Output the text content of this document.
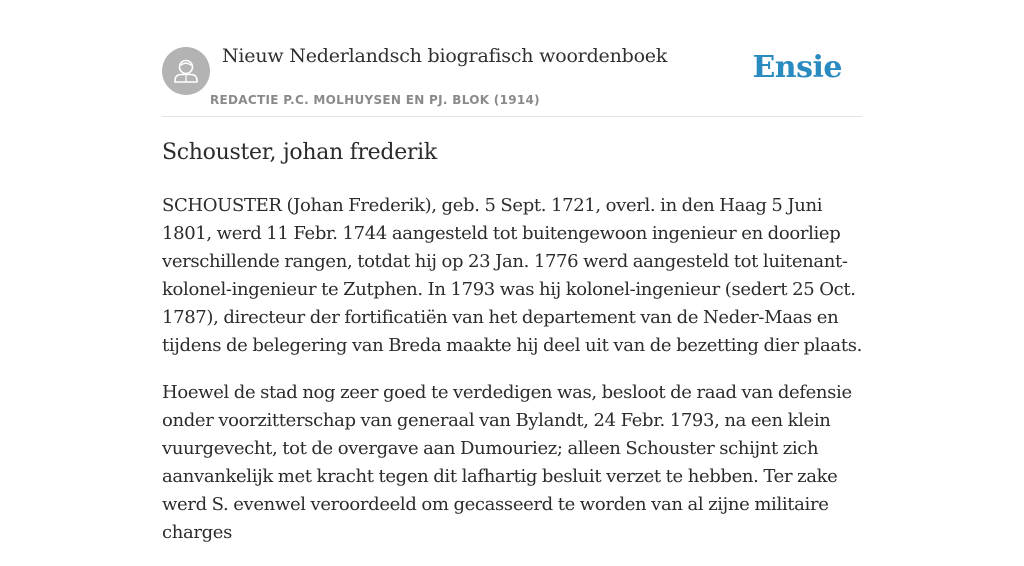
Nieuw Nederlandsch biografisch woordenboek
REDACTIE P.C. MOLHUYSEN EN PJ. BLOK (1914)
Ensie
Schouster, johan frederik

SCHOUSTER (Johan Frederik), geb. 5 Sept. 1721, overl. in den Haag 5 Juni 1801, werd 11 Febr. 1744 aangesteld tot buitengewoon ingenieur en doorliep verschillende rangen, totdat hij op 23 Jan. 1776 werd aangesteld tot luitenant-kolonel-ingenieur te Zutphen. In 1793 was hij kolonel-ingenieur (sedert 25 Oct. 1787), directeur der fortificatiën van het departement van de Neder-Maas en tijdens de belegering van Breda maakte hij deel uit van de bezetting dier plaats.

Hoewel de stad nog zeer goed te verdedigen was, besloot de raad van defensie onder voorzitterschap van generaal van Bylandt, 24 Febr. 1793, na een klein vuurgevecht, tot de overgave aan Dumouriez; alleen Schouster schijnt zich aanvankelijk met kracht tegen dit lafhartig besluit verzet te hebben. Ter zake werd S. evenwel veroordeeld om gecasseerd te worden van al zijne militaire charges
